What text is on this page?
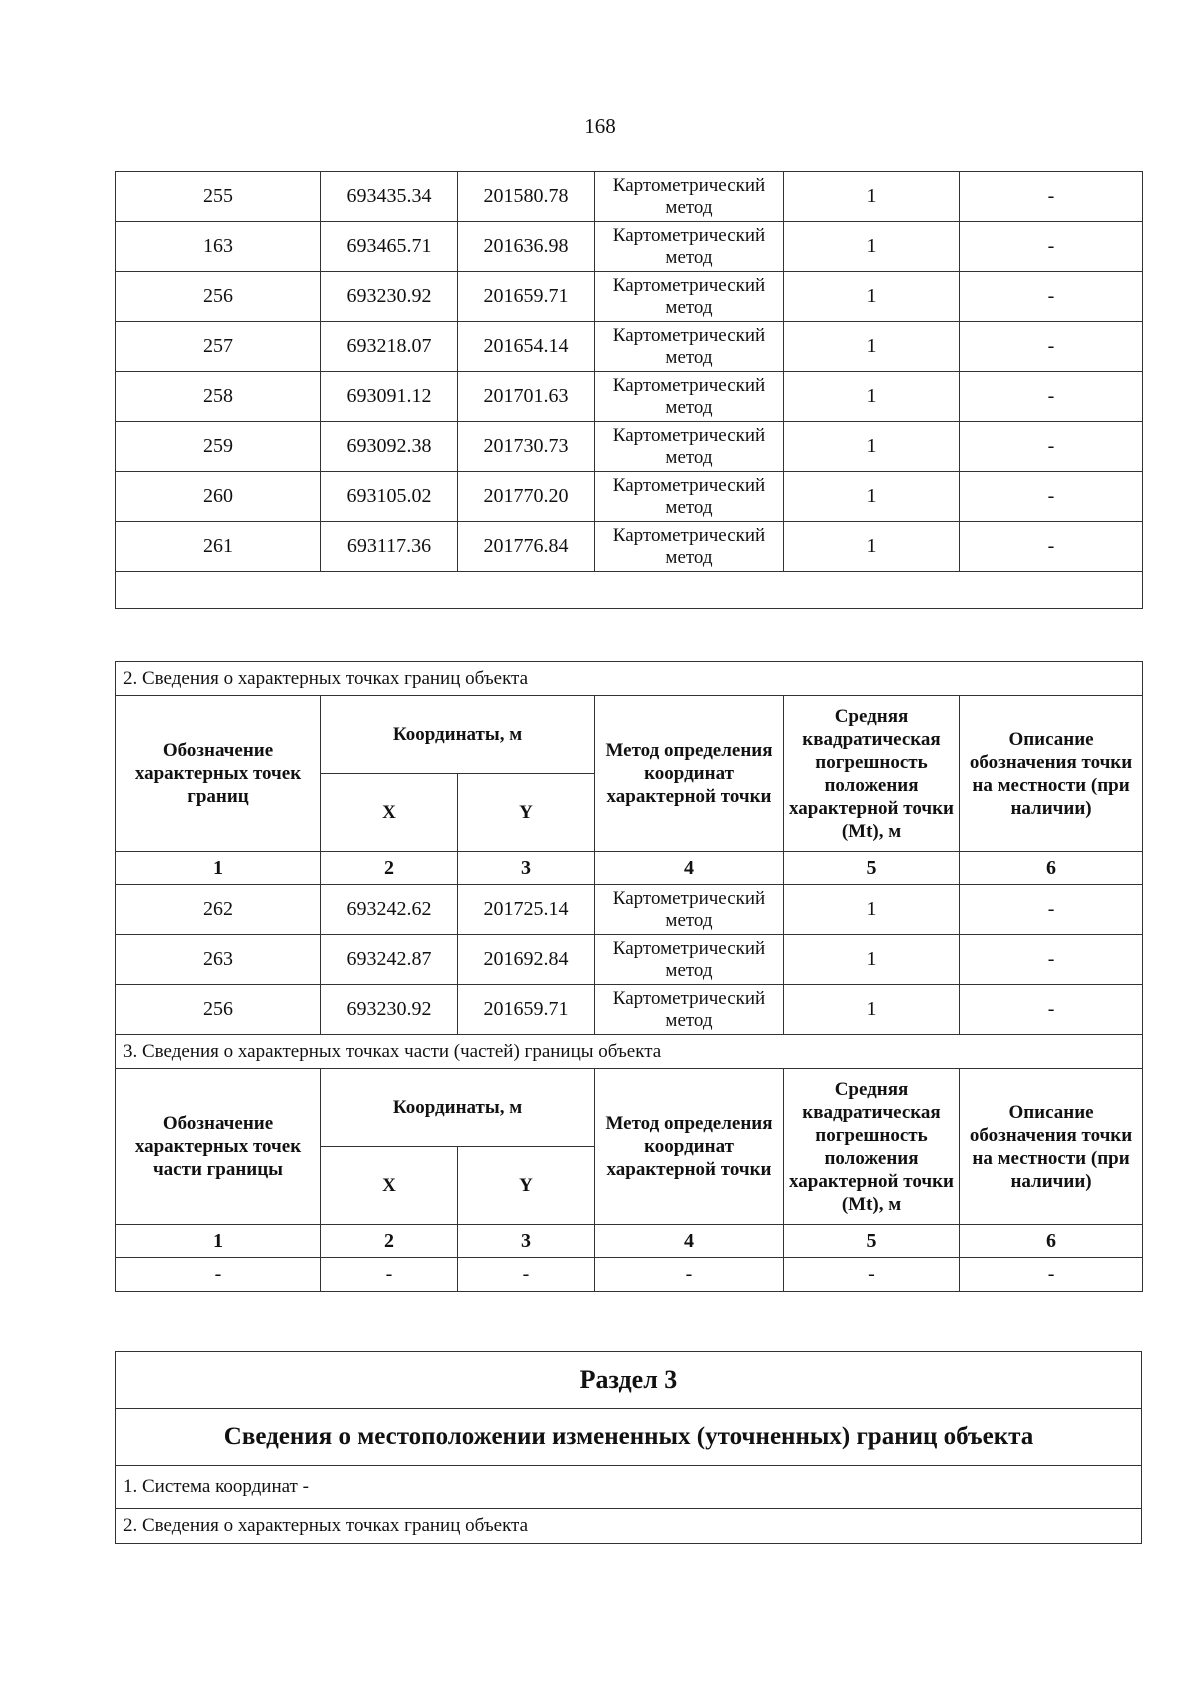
168
255	693435.34	201580.78	Картометрический метод	1	-
163	693465.71	201636.98	Картометрический метод	1	-
256	693230.92	201659.71	Картометрический метод	1	-
257	693218.07	201654.14	Картометрический метод	1	-
258	693091.12	201701.63	Картометрический метод	1	-
259	693092.38	201730.73	Картометрический метод	1	-
260	693105.02	201770.20	Картометрический метод	1	-
261	693117.36	201776.84	Картометрический метод	1	-

2. Сведения о характерных точках границ объекта					
Обозначение характерных точек границ	Координаты, м		Метод определения координат характерной точки	Средняя квадратическая погрешность положения характерной точки (Mt), м	Описание обозначения точки на местности (при наличии)
	X	Y			
1	2	3	4	5	6
262	693242.62	201725.14	Картометрический метод	1	-
263	693242.87	201692.84	Картометрический метод	1	-
256	693230.92	201659.71	Картометрический метод	1	-
3. Сведения о характерных точках части (частей) границы объекта					
Обозначение характерных точек части границы	Координаты, м		Метод определения координат характерной точки	Средняя квадратическая погрешность положения характерной точки (Mt), м	Описание обозначения точки на местности (при наличии)
	X	Y			
1	2	3	4	5	6
-	-	-	-	-	-
Раздел 3
Сведения о местоположении измененных (уточненных) границ объекта
1. Система координат -
2. Сведения о характерных точках границ объекта
